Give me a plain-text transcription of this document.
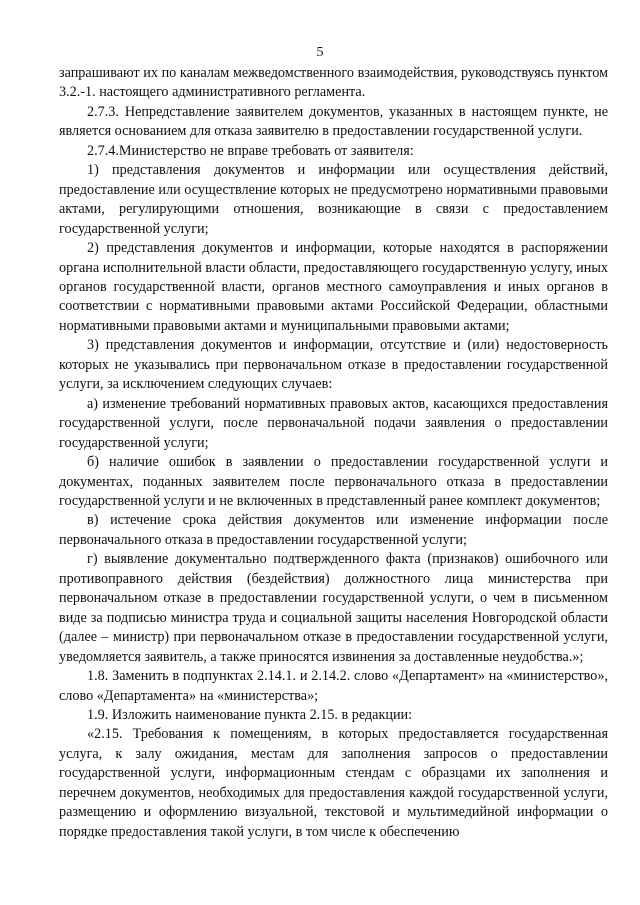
5

запрашивают их по каналам межведомственного взаимодействия, руководствуясь пунктом 3.2.-1. настоящего административного регламента.

2.7.3. Непредставление заявителем документов, указанных в настоящем пункте, не является основанием для отказа заявителю в предоставлении государственной услуги.

2.7.4.Министерство не вправе требовать от заявителя:

1) представления документов и информации или осуществления действий, предоставление или осуществление которых не предусмотрено нормативными правовыми актами, регулирующими отношения, возникающие в связи с предоставлением государственной услуги;

2) представления документов и информации, которые находятся в распоряжении органа исполнительной власти области, предоставляющего государственную услугу, иных органов государственной власти, органов местного самоуправления и иных органов в соответствии с нормативными правовыми актами Российской Федерации, областными нормативными правовыми актами и муниципальными правовыми актами;

3) представления документов и информации, отсутствие и (или) недостоверность которых не указывались при первоначальном отказе в предоставлении государственной услуги, за исключением следующих случаев:

а) изменение требований нормативных правовых актов, касающихся предоставления государственной услуги, после первоначальной подачи заявления о предоставлении государственной услуги;

б) наличие ошибок в заявлении о предоставлении государственной услуги и документах, поданных заявителем после первоначального отказа в предоставлении государственной услуги и не включенных в представленный ранее комплект документов;

в) истечение срока действия документов или изменение информации после первоначального отказа в предоставлении государственной услуги;

г) выявление документально подтвержденного факта (признаков) ошибочного или противоправного действия (бездействия) должностного лица министерства при первоначальном отказе в предоставлении государственной услуги, о чем в письменном виде за подписью министра труда и социальной защиты населения Новгородской области (далее – министр) при первоначальном отказе в предоставлении государственной услуги, уведомляется заявитель, а также приносятся извинения за доставленные неудобства.»;

1.8. Заменить в подпунктах 2.14.1. и 2.14.2. слово «Департамент» на «министерство», слово «Департамента» на «министерства»;

1.9. Изложить наименование пункта 2.15. в редакции:

«2.15. Требования к помещениям, в которых предоставляется государственная услуга, к залу ожидания, местам для заполнения запросов о предоставлении государственной услуги, информационным стендам с образцами их заполнения и перечнем документов, необходимых для предоставления каждой государственной услуги, размещению и оформлению визуальной, текстовой и мультимедийной информации о порядке предоставления такой услуги, в том числе к обеспечению
